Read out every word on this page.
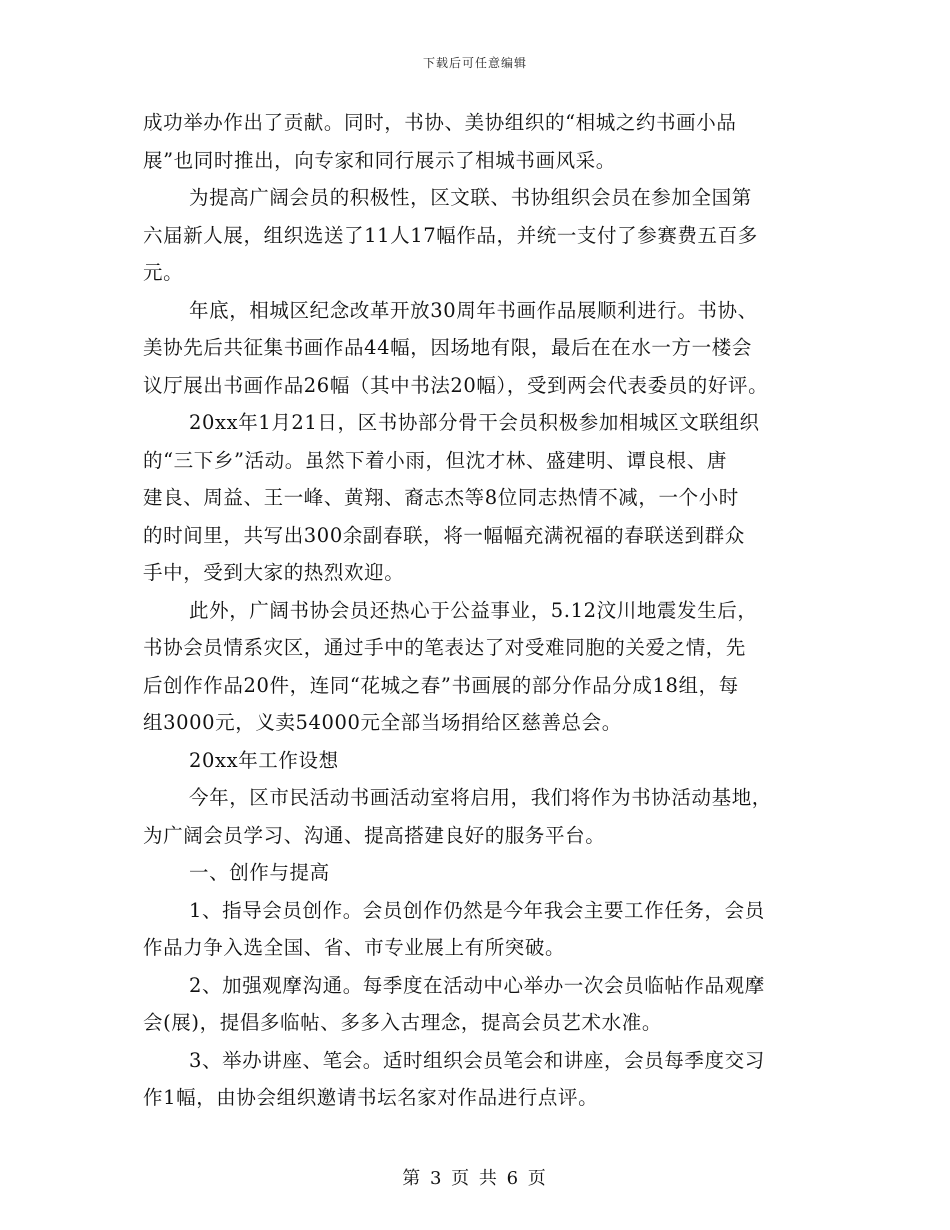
下载后可任意编辑
成功举办作出了贡献。同时，书协、美协组织的“相城之约书画小品
展”也同时推出，向专家和同行展示了相城书画风采。
为提高广阔会员的积极性，区文联、书协组织会员在参加全国第
六届新人展，组织选送了11人17幅作品，并统一支付了参赛费五百多
元。
年底，相城区纪念改革开放30周年书画作品展顺利进行。书协、
美协先后共征集书画作品44幅，因场地有限，最后在在水一方一楼会
议厅展出书画作品26幅（其中书法20幅），受到两会代表委员的好评。
20xx年1月21日，区书协部分骨干会员积极参加相城区文联组织
的“三下乡”活动。虽然下着小雨，但沈才林、盛建明、谭良根、唐
建良、周益、王一峰、黄翔、裔志杰等8位同志热情不减，一个小时
的时间里，共写出300余副春联，将一幅幅充满祝福的春联送到群众
手中，受到大家的热烈欢迎。
此外，广阔书协会员还热心于公益事业，5.12汶川地震发生后，
书协会员情系灾区，通过手中的笔表达了对受难同胞的关爱之情，先
后创作作品20件，连同“花城之春”书画展的部分作品分成18组，每
组3000元，义卖54000元全部当场捐给区慈善总会。
20xx年工作设想
今年，区市民活动书画活动室将启用，我们将作为书协活动基地，
为广阔会员学习、沟通、提高搭建良好的服务平台。
一、创作与提高
1、指导会员创作。会员创作仍然是今年我会主要工作任务，会员
作品力争入选全国、省、市专业展上有所突破。
2、加强观摩沟通。每季度在活动中心举办一次会员临帖作品观摩
会(展)，提倡多临帖、多多入古理念，提高会员艺术水准。
3、举办讲座、笔会。适时组织会员笔会和讲座，会员每季度交习
作1幅，由协会组织邀请书坛名家对作品进行点评。
第 3 页 共 6 页
